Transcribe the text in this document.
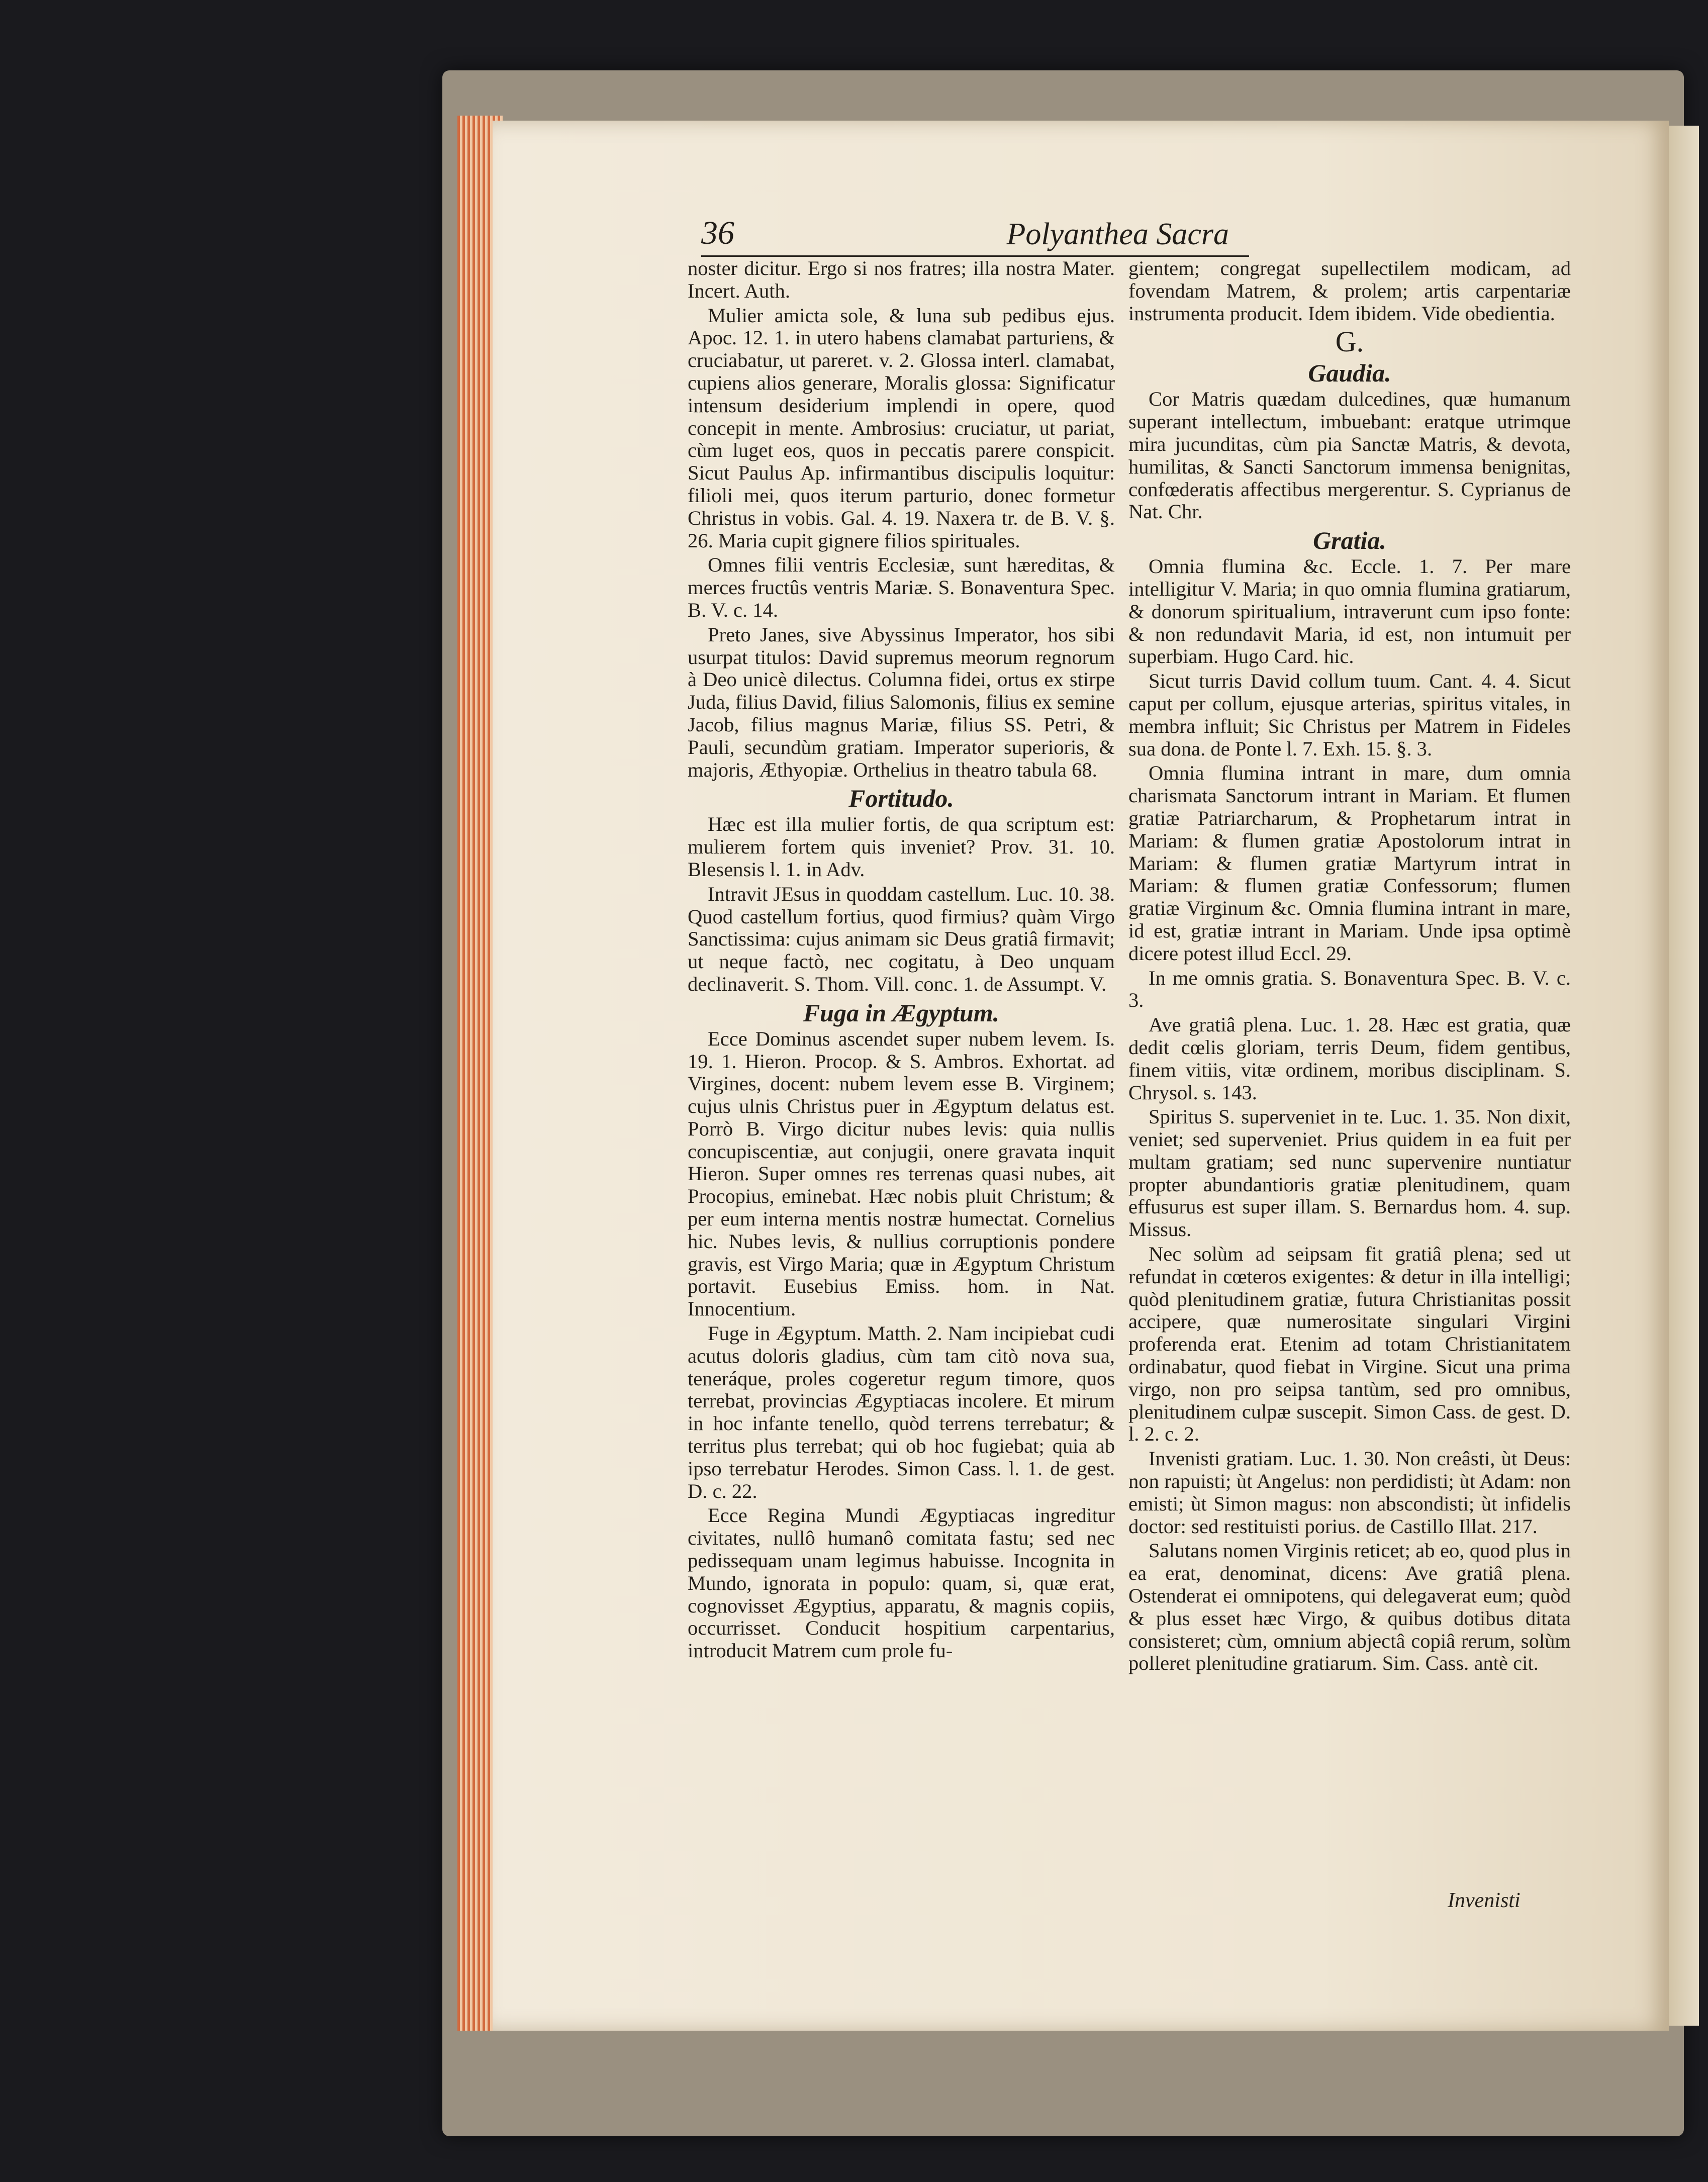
36	Polyanthea Sacra

noster dicitur. Ergo si nos fratres; illa nostra Mater. Incert. Auth.

Mulier amicta sole, & luna sub pedibus ejus. Apoc. 12. 1. in utero habens clamabat parturiens, & cruciabatur, ut pareret. v. 2. Glossa interl. clamabat, cupiens alios generare, Moralis glossa: Significatur intensum desiderium implendi in opere, quod concepit in mente. Ambrosius: cruciatur, ut pariat, cùm luget eos, quos in peccatis parere conspicit. Sicut Paulus Ap. infirmantibus discipulis loquitur: filioli mei, quos iterum parturio, donec formetur Christus in vobis. Gal. 4. 19. Naxera tr. de B. V. §. 26. Maria cupit gignere filios spirituales.

Omnes filii ventris Ecclesiæ, sunt hæreditas, & merces fructûs ventris Mariæ. S. Bonaventura Spec. B. V. c. 14.

Preto Janes, sive Abyssinus Imperator, hos sibi usurpat titulos: David supremus meorum regnorum à Deo unicè dilectus. Columna fidei, ortus ex stirpe Juda, filius David, filius Salomonis, filius ex semine Jacob, filius magnus Mariæ, filius SS. Petri, & Pauli, secundùm gratiam. Imperator superioris, & majoris, Æthyopiæ. Orthelius in theatro tabula 68.

Fortitudo.

Hæc est illa mulier fortis, de qua scriptum est: mulierem fortem quis inveniet? Prov. 31. 10. Blesensis l. 1. in Adv.

Intravit JEsus in quoddam castellum. Luc. 10. 38. Quod castellum fortius, quod firmius? quàm Virgo Sanctissima: cujus animam sic Deus gratiâ firmavit; ut neque factò, nec cogitatu, à Deo unquam declinaverit. S. Thom. Vill. conc. 1. de Assumpt. V.

Fuga in Ægyptum.

Ecce Dominus ascendet super nubem levem. Is. 19. 1. Hieron. Procop. & S. Ambros. Exhortat. ad Virgines, docent: nubem levem esse B. Virginem; cujus ulnis Christus puer in Ægyptum delatus est. Porrò B. Virgo dicitur nubes levis: quia nullis concupiscentiæ, aut conjugii, onere gravata inquit Hieron. Super omnes res terrenas quasi nubes, ait Procopius, eminebat. Hæc nobis pluit Christum; & per eum interna mentis nostræ humectat. Cornelius hic. Nubes levis, & nullius corruptionis pondere gravis, est Virgo Maria; quæ in Ægyptum Christum portavit. Eusebius Emiss. hom. in Nat. Innocentium.

Fuge in Ægyptum. Matth. 2. Nam incipiebat cudi acutus doloris gladius, cùm tam citò nova sua, teneráque, proles cogeretur regum timore, quos terrebat, provincias Ægyptiacas incolere. Et mirum in hoc infante tenello, quòd terrens terrebatur; & territus plus terrebat; qui ob hoc fugiebat; quia ab ipso terrebatur Herodes. Simon Cass. l. 1. de gest. D. c. 22.

Ecce Regina Mundi Ægyptiacas ingreditur civitates, nullô humanô comitata fastu; sed nec pedissequam unam legimus habuisse. Incognita in Mundo, ignorata in populo: quam, si, quæ erat, cognovisset Ægyptius, apparatu, & magnis copiis, occurrisset. Conducit hospitium carpentarius, introducit Matrem cum prole fu-

gientem; congregat supellectilem modicam, ad fovendam Matrem, & prolem; artis carpentariæ instrumenta producit. Idem ibidem. Vide obedientia.

G.
Gaudia.

Cor Matris quædam dulcedines, quæ humanum superant intellectum, imbuebant: eratque utrimque mira jucunditas, cùm pia Sanctæ Matris, & devota, humilitas, & Sancti Sanctorum immensa benignitas, confœderatis affectibus mergerentur. S. Cyprianus de Nat. Chr.

Gratia.

Omnia flumina &c. Eccle. 1. 7. Per mare intelligitur V. Maria; in quo omnia flumina gratiarum, & donorum spiritualium, intraverunt cum ipso fonte: & non redundavit Maria, id est, non intumuit per superbiam. Hugo Card. hic.

Sicut turris David collum tuum. Cant. 4. 4. Sicut caput per collum, ejusque arterias, spiritus vitales, in membra influit; Sic Christus per Matrem in Fideles sua dona. de Ponte l. 7. Exh. 15. §. 3.

Omnia flumina intrant in mare, dum omnia charismata Sanctorum intrant in Mariam. Et flumen gratiæ Patriarcharum, & Prophetarum intrat in Mariam: & flumen gratiæ Apostolorum intrat in Mariam: & flumen gratiæ Martyrum intrat in Mariam: & flumen gratiæ Confessorum; flumen gratiæ Virginum &c. Omnia flumina intrant in mare, id est, gratiæ intrant in Mariam. Unde ipsa optimè dicere potest illud Eccl. 29.

In me omnis gratia. S. Bonaventura Spec. B. V. c. 3.

Ave gratiâ plena. Luc. 1. 28. Hæc est gratia, quæ dedit cœlis gloriam, terris Deum, fidem gentibus, finem vitiis, vitæ ordinem, moribus disciplinam. S. Chrysol. s. 143.

Spiritus S. superveniet in te. Luc. 1. 35. Non dixit, veniet; sed superveniet. Prius quidem in ea fuit per multam gratiam; sed nunc supervenire nuntiatur propter abundantioris gratiæ plenitudinem, quam effusurus est super illam. S. Bernardus hom. 4. sup. Missus.

Nec solùm ad seipsam fit gratiâ plena; sed ut refundat in cœteros exigentes: & detur in illa intelligi; quòd plenitudinem gratiæ, futura Christianitas possit accipere, quæ numerositate singulari Virgini proferenda erat. Etenim ad totam Christianitatem ordinabatur, quod fiebat in Virgine. Sicut una prima virgo, non pro seipsa tantùm, sed pro omnibus, plenitudinem culpæ suscepit. Simon Cass. de gest. D. l. 2. c. 2.

Invenisti gratiam. Luc. 1. 30. Non creâsti, ùt Deus: non rapuisti; ùt Angelus: non perdidisti; ùt Adam: non emisti; ùt Simon magus: non abscondisti; ùt infidelis doctor: sed restituisti porius. de Castillo Illat. 217.

Salutans nomen Virginis reticet; ab eo, quod plus in ea erat, denominat, dicens: Ave gratiâ plena. Ostenderat ei omnipotens, qui delegaverat eum; quòd & plus esset hæc Virgo, & quibus dotibus ditata consisteret; cùm, omnium abjectâ copiâ rerum, solùm polleret plenitudine gratiarum. Sim. Cass. antè cit.

Invenisti
